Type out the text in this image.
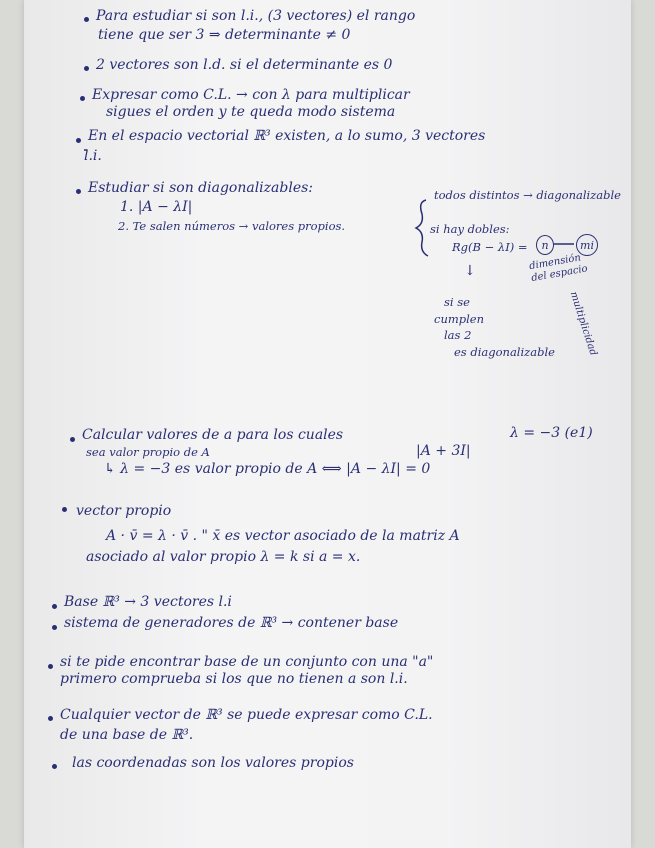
Para estudiar si son l.i., (3 vectores) el rango
tiene que ser 3 ⇒ determinante ≠ 0
2 vectores son l.d. si el determinante es 0
Expresar como C.L. → con λ para multiplicar
sigues el orden y te queda modo sistema
En el espacio vectorial ℝ³ existen, a lo sumo, 3 vectores
l.i.
Estudiar si son diagonalizables:
1. |A − λI|
2. Te salen números → valores propios.
todos distintos → diagonalizable
si hay dobles:
Rg(B − λI) = n	mi
dimensión del espacio
multiplicidad
↓
si se
cumplen
las 2
es diagonalizable
Calcular valores de a para los cuales	λ = −3 (e1)
sea valor propio de A	|A + 3I|
↳ λ = −3 es valor propio de A ⟺ |A − λI| = 0
vector propio
A · v̄ = λ · v̄ . " x̄ es vector asociado de la matriz A
asociado al valor propio λ = k si a = x.
Base ℝ³ → 3 vectores l.i
sistema de generadores de ℝ³ → contener base
si te pide encontrar base de un conjunto con una "a"
primero comprueba si los que no tienen a son l.i.
Cualquier vector de ℝ³ se puede expresar como C.L.
de una base de ℝ³.
las coordenadas son los valores propios
